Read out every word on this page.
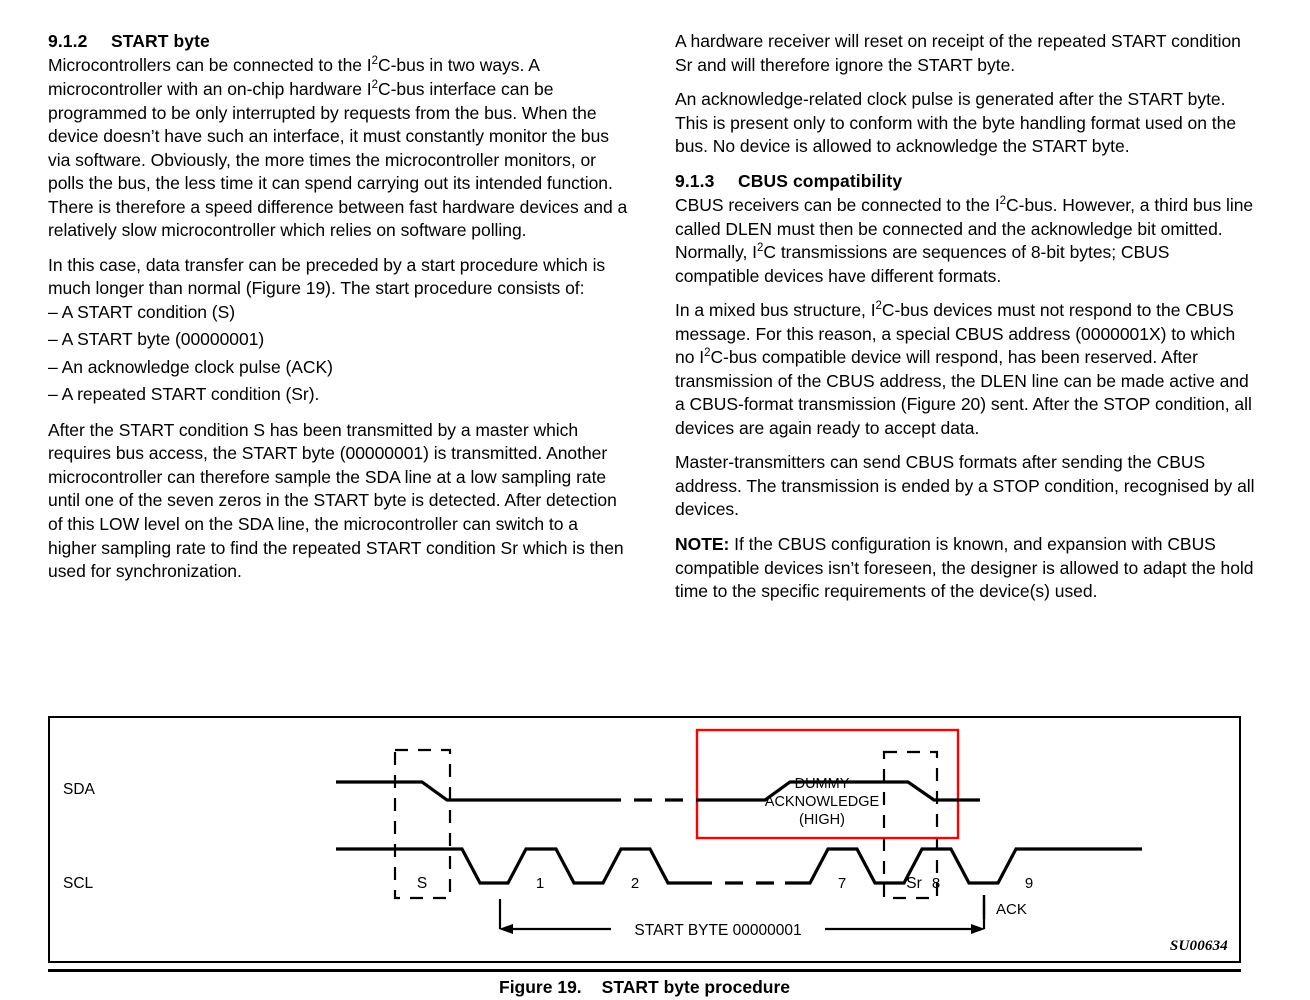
9.1.2 START byte

Microcontrollers can be connected to the $I^2C$-bus in two ways. A microcontroller with an on-chip hardware $I^2C$-bus interface can be programmed to be only interrupted by requests from the bus. When the device doesn’t have such an interface, it must constantly monitor the bus via software. Obviously, the more times the microcontroller monitors, or polls the bus, the less time it can spend carrying out its intended function. There is therefore a speed difference between fast hardware devices and a relatively slow microcontroller which relies on software polling.

In this case, data transfer can be preceded by a start procedure which is much longer than normal (Figure 19). The start procedure consists of:

– A START condition (S)
– A START byte (00000001)
– An acknowledge clock pulse (ACK)
– A repeated START condition (Sr).

After the START condition S has been transmitted by a master which requires bus access, the START byte (00000001) is transmitted. Another microcontroller can therefore sample the SDA line at a low sampling rate until one of the seven zeros in the START byte is detected. After detection of this LOW level on the SDA line, the microcontroller can switch to a higher sampling rate to find the repeated START condition Sr which is then used for synchronization.

A hardware receiver will reset on receipt of the repeated START condition Sr and will therefore ignore the START byte.

An acknowledge-related clock pulse is generated after the START byte. This is present only to conform with the byte handling format used on the bus. No device is allowed to acknowledge the START byte.

9.1.3 CBUS compatibility

CBUS receivers can be connected to the $I^2C$-bus. However, a third bus line called DLEN must then be connected and the acknowledge bit omitted. Normally, $I^2C$ transmissions are sequences of 8-bit bytes; CBUS compatible devices have different formats.

In a mixed bus structure, $I^2C$-bus devices must not respond to the CBUS message. For this reason, a special CBUS address (0000001X) to which no $I^2C$-bus compatible device will respond, has been reserved. After transmission of the CBUS address, the DLEN line can be made active and a CBUS-format transmission (Figure 20) sent. After the STOP condition, all devices are again ready to accept data.

Master-transmitters can send CBUS formats after sending the CBUS address. The transmission is ended by a STOP condition, recognised by all devices.

NOTE: If the CBUS configuration is known, and expansion with CBUS compatible devices isn’t foreseen, the designer is allowed to adapt the hold time to the specific requirements of the device(s) used.

SDA
SCL	S	Sr
1	2	7	8	9
DUMMY
ACKNOWLEDGE
(HIGH)
ACK
START BYTE 00000001
SU00634
Figure 19. START byte procedure
